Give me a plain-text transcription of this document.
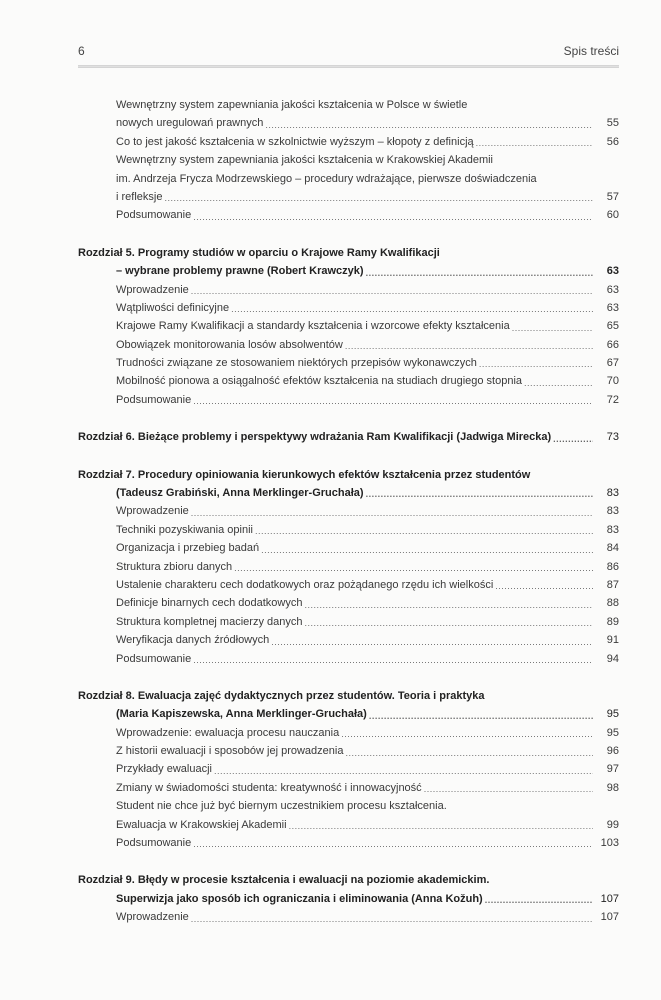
6	Spis treści
Wewnętrzny system zapewniania jakości kształcenia w Polsce w świetle
nowych uregulowań prawnych .....	55
Co to jest jakość kształcenia w szkolnictwie wyższym – kłopoty z definicją .....	56
Wewnętrzny system zapewniania jakości kształcenia w Krakowskiej Akademii
im. Andrzeja Frycza Modrzewskiego – procedury wdrażające, pierwsze doświadczenia
i refleksje .....	57
Podsumowanie .....	60
Rozdział 5. Programy studiów w oparciu o Krajowe Ramy Kwalifikacji
– wybrane problemy prawne (Robert Krawczyk) .....	63
Wprowadzenie .....	63
Wątpliwości definicyjne .....	63
Krajowe Ramy Kwalifikacji a standardy kształcenia i wzorcowe efekty kształcenia .....	65
Obowiązek monitorowania losów absolwentów .....	66
Trudności związane ze stosowaniem niektórych przepisów wykonawczych .....	67
Mobilność pionowa a osiągalność efektów kształcenia na studiach drugiego stopnia .....	70
Podsumowanie .....	72
Rozdział 6. Bieżące problemy i perspektywy wdrażania Ram Kwalifikacji (Jadwiga Mirecka) .....	73
Rozdział 7. Procedury opiniowania kierunkowych efektów kształcenia przez studentów
(Tadeusz Grabiński, Anna Merklinger-Gruchała) .....	83
Wprowadzenie .....	83
Techniki pozyskiwania opinii .....	83
Organizacja i przebieg badań .....	84
Struktura zbioru danych .....	86
Ustalenie charakteru cech dodatkowych oraz pożądanego rzędu ich wielkości .....	87
Definicje binarnych cech dodatkowych .....	88
Struktura kompletnej macierzy danych .....	89
Weryfikacja danych źródłowych .....	91
Podsumowanie .....	94
Rozdział 8. Ewaluacja zajęć dydaktycznych przez studentów. Teoria i praktyka
(Maria Kapiszewska, Anna Merklinger-Gruchała) .....	95
Wprowadzenie: ewaluacja procesu nauczania .....	95
Z historii ewaluacji i sposobów jej prowadzenia .....	96
Przykłady ewaluacji .....	97
Zmiany w świadomości studenta: kreatywność i innowacyjność .....	98
Student nie chce już być biernym uczestnikiem procesu kształcenia.
Ewaluacja w Krakowskiej Akademii .....	99
Podsumowanie .....	103
Rozdział 9. Błędy w procesie kształcenia i ewaluacji na poziomie akademickim.
Superwizja jako sposób ich ograniczania i eliminowania (Anna Kožuh) .....	107
Wprowadzenie .....	107
